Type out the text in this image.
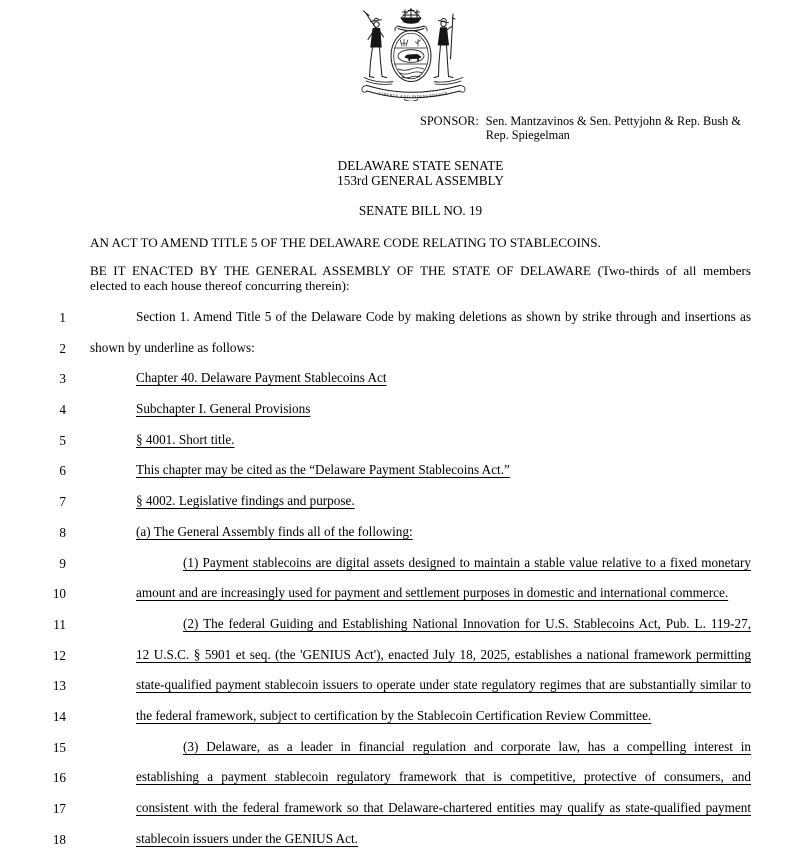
LIBERTY AND INDEPENDENCE
SPONSOR: Sen. Mantzavinos & Sen. Pettyjohn & Rep. Bush &
Rep. Spiegelman
DELAWARE STATE SENATE
153rd GENERAL ASSEMBLY
SENATE BILL NO. 19
AN ACT TO AMEND TITLE 5 OF THE DELAWARE CODE RELATING TO STABLECOINS.
BE IT ENACTED BY THE GENERAL ASSEMBLY OF THE STATE OF DELAWARE (Two-thirds of all members
elected to each house thereof concurring therein):
1	Section 1. Amend Title 5 of the Delaware Code by making deletions as shown by strike through and insertions as
2 shown by underline as follows:
3	Chapter 40. Delaware Payment Stablecoins Act
4	Subchapter I. General Provisions
5	§ 4001. Short title.
6	This chapter may be cited as the “Delaware Payment Stablecoins Act.”
7	§ 4002. Legislative findings and purpose.
8	(a) The General Assembly finds all of the following:
9	(1) Payment stablecoins are digital assets designed to maintain a stable value relative to a fixed monetary
10	amount and are increasingly used for payment and settlement purposes in domestic and international commerce.
11	(2) The federal Guiding and Establishing National Innovation for U.S. Stablecoins Act, Pub. L. 119-27,
12	12 U.S.C. § 5901 et seq. (the 'GENIUS Act'), enacted July 18, 2025, establishes a national framework permitting
13	state-qualified payment stablecoin issuers to operate under state regulatory regimes that are substantially similar to
14	the federal framework, subject to certification by the Stablecoin Certification Review Committee.
15	(3) Delaware, as a leader in financial regulation and corporate law, has a compelling interest in
16	establishing a payment stablecoin regulatory framework that is competitive, protective of consumers, and
17	consistent with the federal framework so that Delaware-chartered entities may qualify as state-qualified payment
18	stablecoin issuers under the GENIUS Act.
